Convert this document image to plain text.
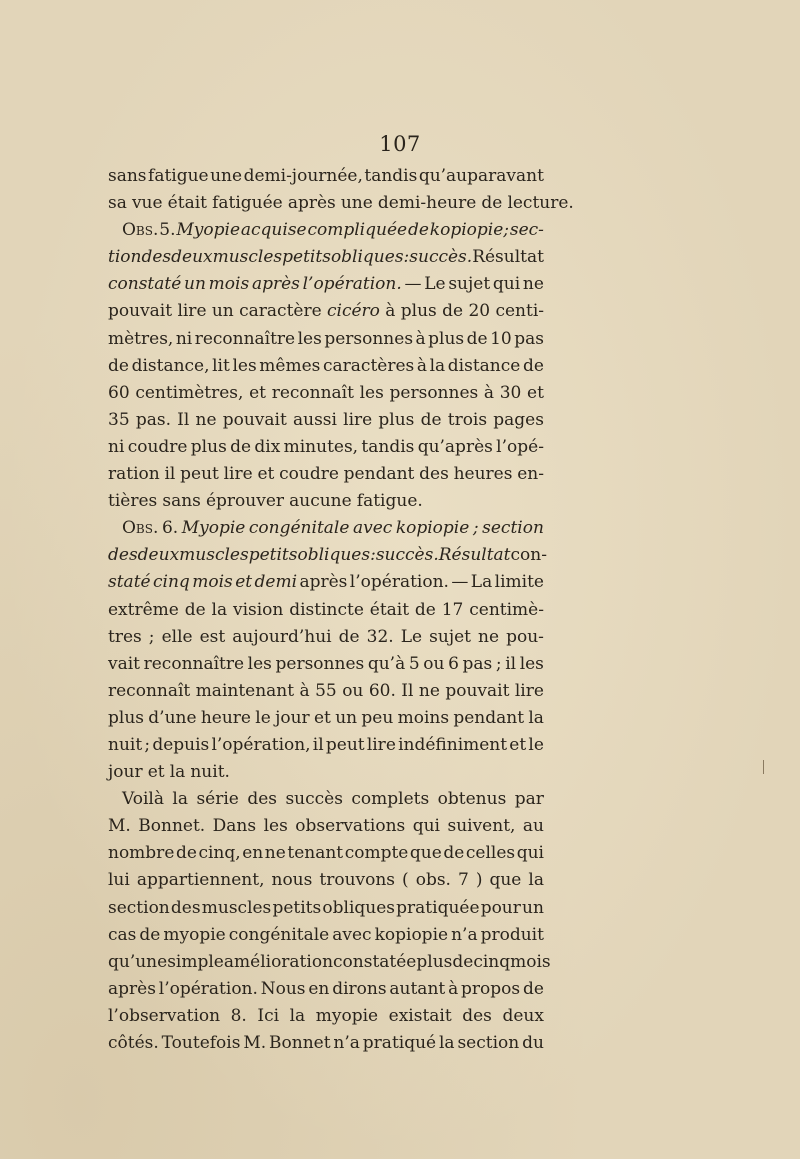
107
sans fatigue une demi-journée, tandis qu’auparavant
sa vue était fatiguée après une demi-heure de lecture.
Obs. 5. Myopie acquise compliquée de kopiopie; sec-
tion des deux muscles petits obliques : succès. Résultat
constaté un mois après l’opération. — Le sujet qui ne
pouvait lire un caractère cicéro à plus de 20 centi-
mètres, ni reconnaître les personnes à plus de 10 pas
de distance, lit les mêmes caractères à la distance de
60 centimètres, et reconnaît les personnes à 30 et
35 pas. Il ne pouvait aussi lire plus de trois pages
ni coudre plus de dix minutes, tandis qu’après l’opé-
ration il peut lire et coudre pendant des heures en-
tières sans éprouver aucune fatigue.
Obs. 6. Myopie congénitale avec kopiopie ; section
des deux muscles petits obliques : succès. Résultat con-
staté cinq mois et demi après l’opération. — La limite
extrême de la vision distincte était de 17 centimè-
tres ; elle est aujourd’hui de 32. Le sujet ne pou-
vait reconnaître les personnes qu’à 5 ou 6 pas ; il les
reconnaît maintenant à 55 ou 60. Il ne pouvait lire
plus d’une heure le jour et un peu moins pendant la
nuit ; depuis l’opération, il peut lire indéfiniment et le
jour et la nuit.
Voilà la série des succès complets obtenus par
M. Bonnet. Dans les observations qui suivent, au
nombre de cinq, en ne tenant compte que de celles qui
lui appartiennent, nous trouvons ( obs. 7 ) que la
section des muscles petits obliques pratiquée pour un
cas de myopie congénitale avec kopiopie n’a produit
qu’une simple amélioration constatée plus de cinq mois
après l’opération. Nous en dirons autant à propos de
l’observation 8. Ici la myopie existait des deux
côtés. Toutefois M. Bonnet n’a pratiqué la section du
